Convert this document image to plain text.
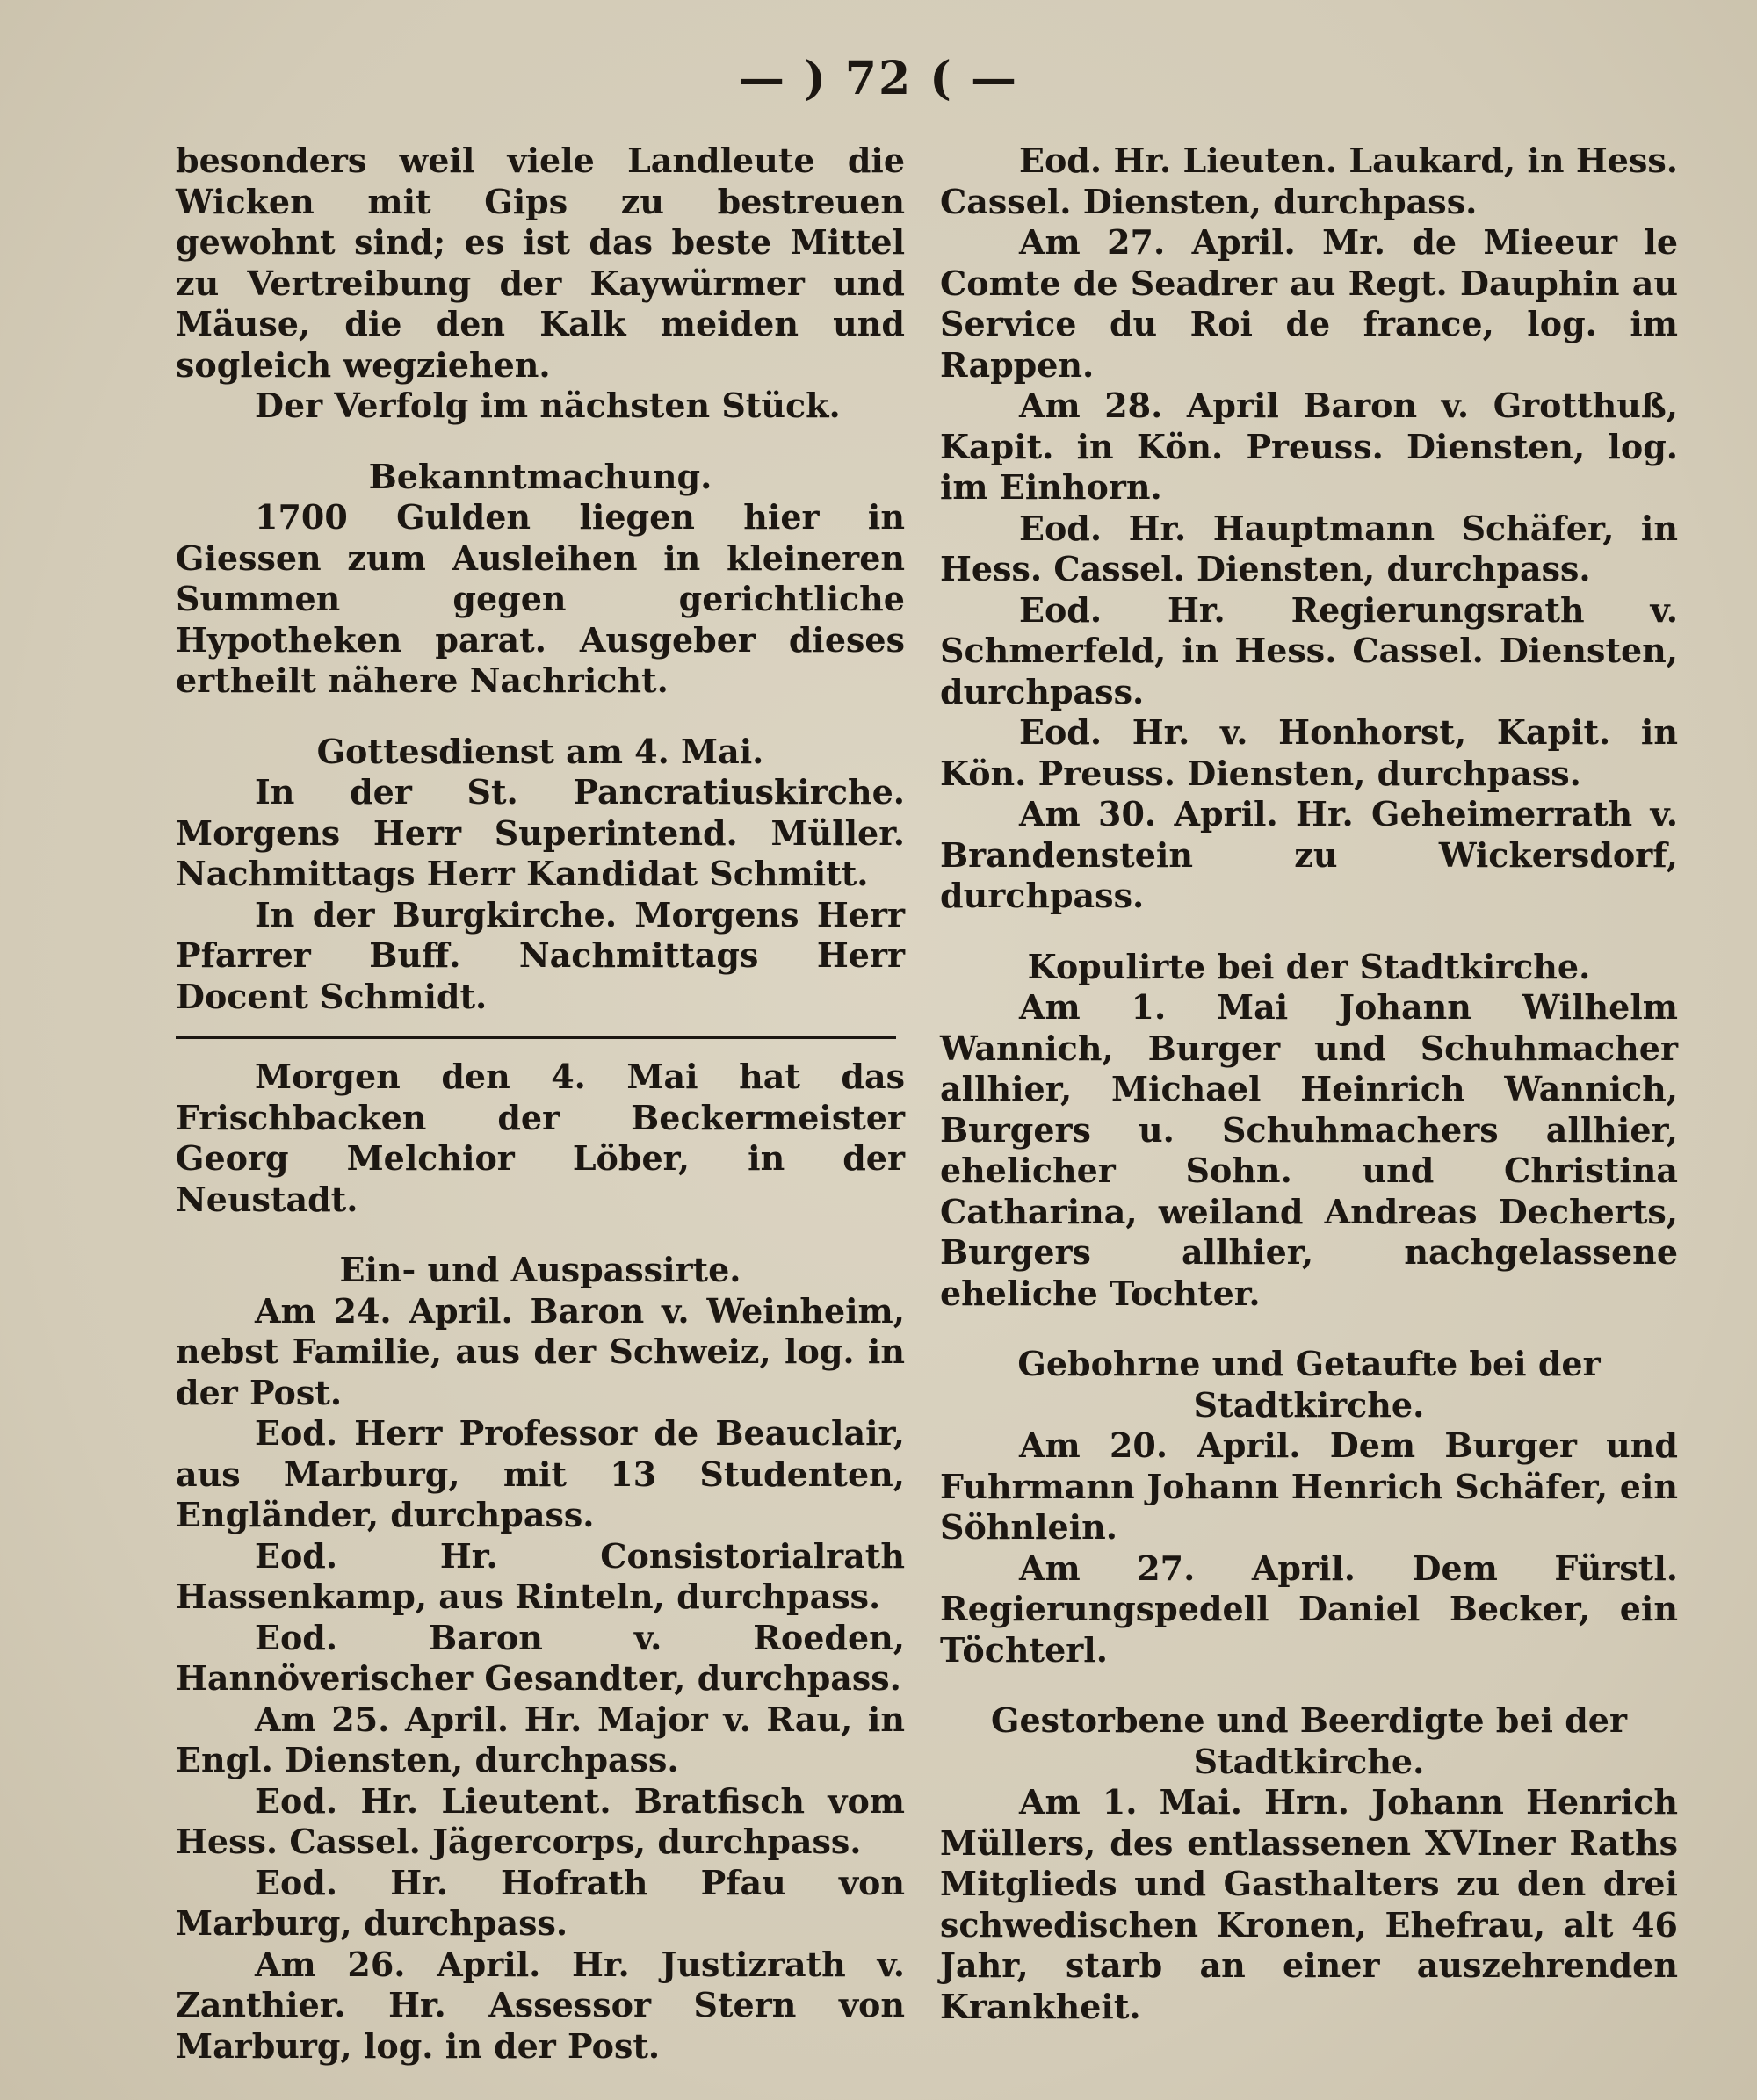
— ) 72 ( —

besonders weil viele Landleute die Wicken mit Gips zu bestreuen gewohnt sind; es ist das beste Mittel zu Vertreibung der Kaywürmer und Mäuse, die den Kalk meiden und sogleich wegziehen.

Der Verfolg im nächsten Stück.

Bekanntmachung.

1700 Gulden liegen hier in Giessen zum Ausleihen in kleineren Summen gegen gerichtliche Hypotheken parat. Ausgeber dieses ertheilt nähere Nachricht.

Gottesdienst am 4. Mai.

In der St. Pancratiuskirche. Morgens Herr Superintend. Müller. Nachmittags Herr Kandidat Schmitt.

In der Burgkirche. Morgens Herr Pfarrer Buff. Nachmittags Herr Docent Schmidt.

Morgen den 4. Mai hat das Frischbacken der Beckermeister Georg Melchior Löber, in der Neustadt.

Ein- und Auspassirte.

Am 24. April. Baron v. Weinheim, nebst Familie, aus der Schweiz, log. in der Post.

Eod. Herr Professor de Beauclair, aus Marburg, mit 13 Studenten, Engländer, durchpass.

Eod. Hr. Consistorialrath Hassenkamp, aus Rinteln, durchpass.

Eod. Baron v. Roeden, Hannöverischer Gesandter, durchpass.

Am 25. April. Hr. Major v. Rau, in Engl. Diensten, durchpass.

Eod. Hr. Lieutent. Bratfisch vom Hess. Cassel. Jägercorps, durchpass.

Eod. Hr. Hofrath Pfau von Marburg, durchpass.

Am 26. April. Hr. Justizrath v. Zanthier. Hr. Assessor Stern von Marburg, log. in der Post.

Eod. Hr. Lieuten. Laukard, in Hess. Cassel. Diensten, durchpass.

Am 27. April. Mr. de Mieeur le Comte de Seadrer au Regt. Dauphin au Service du Roi de france, log. im Rappen.

Am 28. April Baron v. Grotthuß, Kapit. in Kön. Preuss. Diensten, log. im Einhorn.

Eod. Hr. Hauptmann Schäfer, in Hess. Cassel. Diensten, durchpass.

Eod. Hr. Regierungsrath v. Schmerfeld, in Hess. Cassel. Diensten, durchpass.

Eod. Hr. v. Honhorst, Kapit. in Kön. Preuss. Diensten, durchpass.

Am 30. April. Hr. Geheimerrath v. Brandenstein zu Wickersdorf, durchpass.

Kopulirte bei der Stadtkirche.

Am 1. Mai Johann Wilhelm Wannich, Burger und Schuhmacher allhier, Michael Heinrich Wannich, Burgers u. Schuhmachers allhier, ehelicher Sohn. und Christina Catharina, weiland Andreas Decherts, Burgers allhier, nachgelassene eheliche Tochter.

Gebohrne und Getaufte bei der Stadtkirche.

Am 20. April. Dem Burger und Fuhrmann Johann Henrich Schäfer, ein Söhnlein.

Am 27. April. Dem Fürstl. Regierungspedell Daniel Becker, ein Töchterl.

Gestorbene und Beerdigte bei der Stadtkirche.

Am 1. Mai. Hrn. Johann Henrich Müllers, des entlassenen XVIner Raths Mitglieds und Gasthalters zu den drei schwedischen Kronen, Ehefrau, alt 46 Jahr, starb an einer auszehrenden Krankheit.
